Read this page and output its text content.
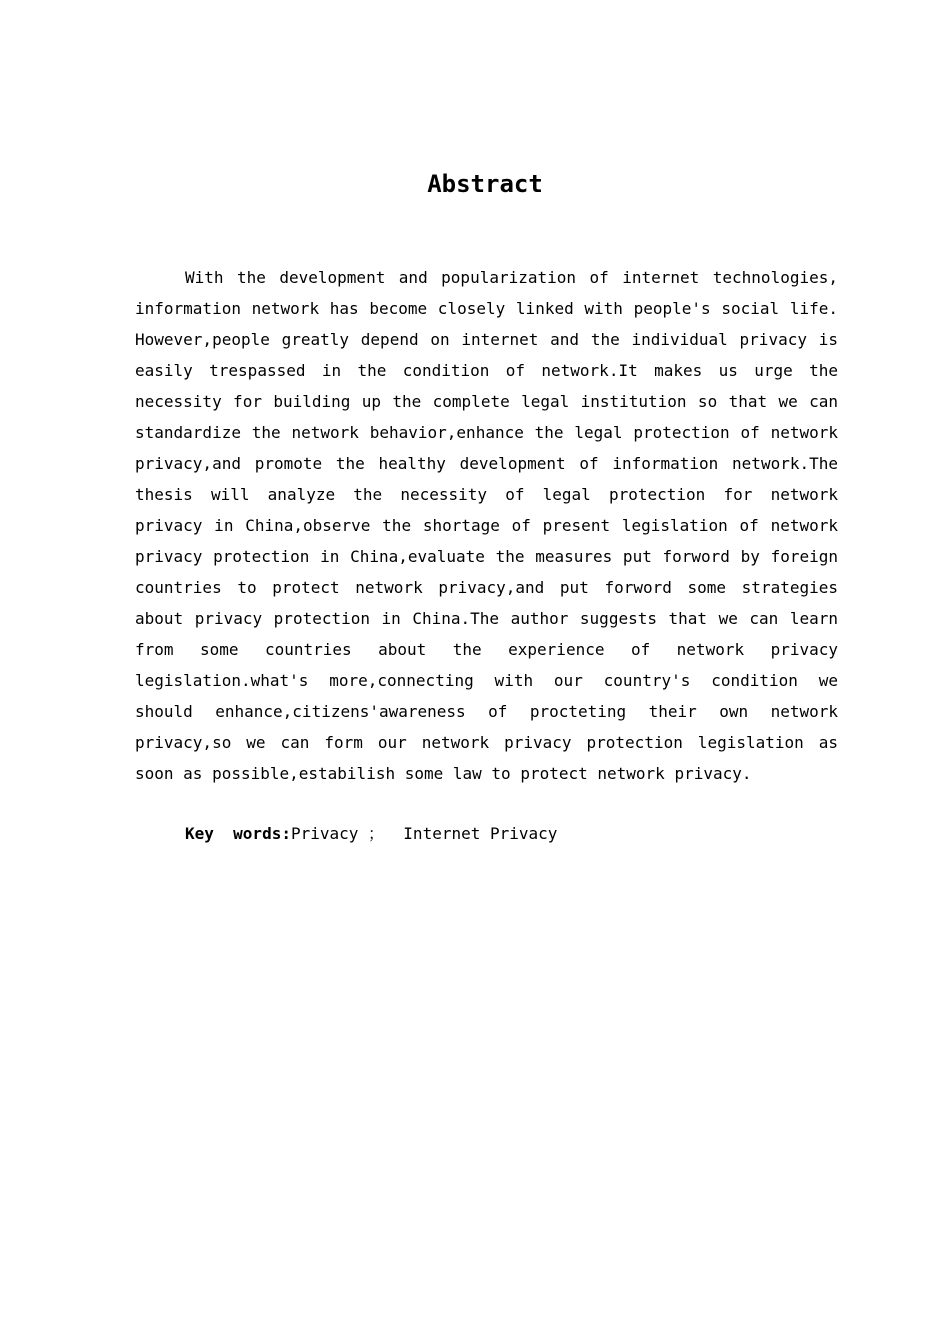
Abstract

With the development and popularization of internet technologies, information network has become closely linked with people's social life. However,people greatly depend on internet and the individual privacy is easily trespassed in the condition of network.It makes us urge the necessity for building up the complete legal institution so that we can standardize the network behavior,enhance the legal protection of network privacy,and promote the healthy development of information network.The thesis will analyze the necessity of legal protection for network privacy in China,observe the shortage of present legislation of network privacy protection in China,evaluate the measures put forword by foreign countries to protect network privacy,and put forword some strategies about privacy protection in China.The author suggests that we can learn from some countries about the experience of network privacy legislation.what's more,connecting with our country's condition we should enhance,citizens'awareness of procteting their own network privacy,so we can form our network privacy protection legislation as soon as possible,estabilish some law to protect network privacy.

Key  words:Privacy ；  Internet Privacy
